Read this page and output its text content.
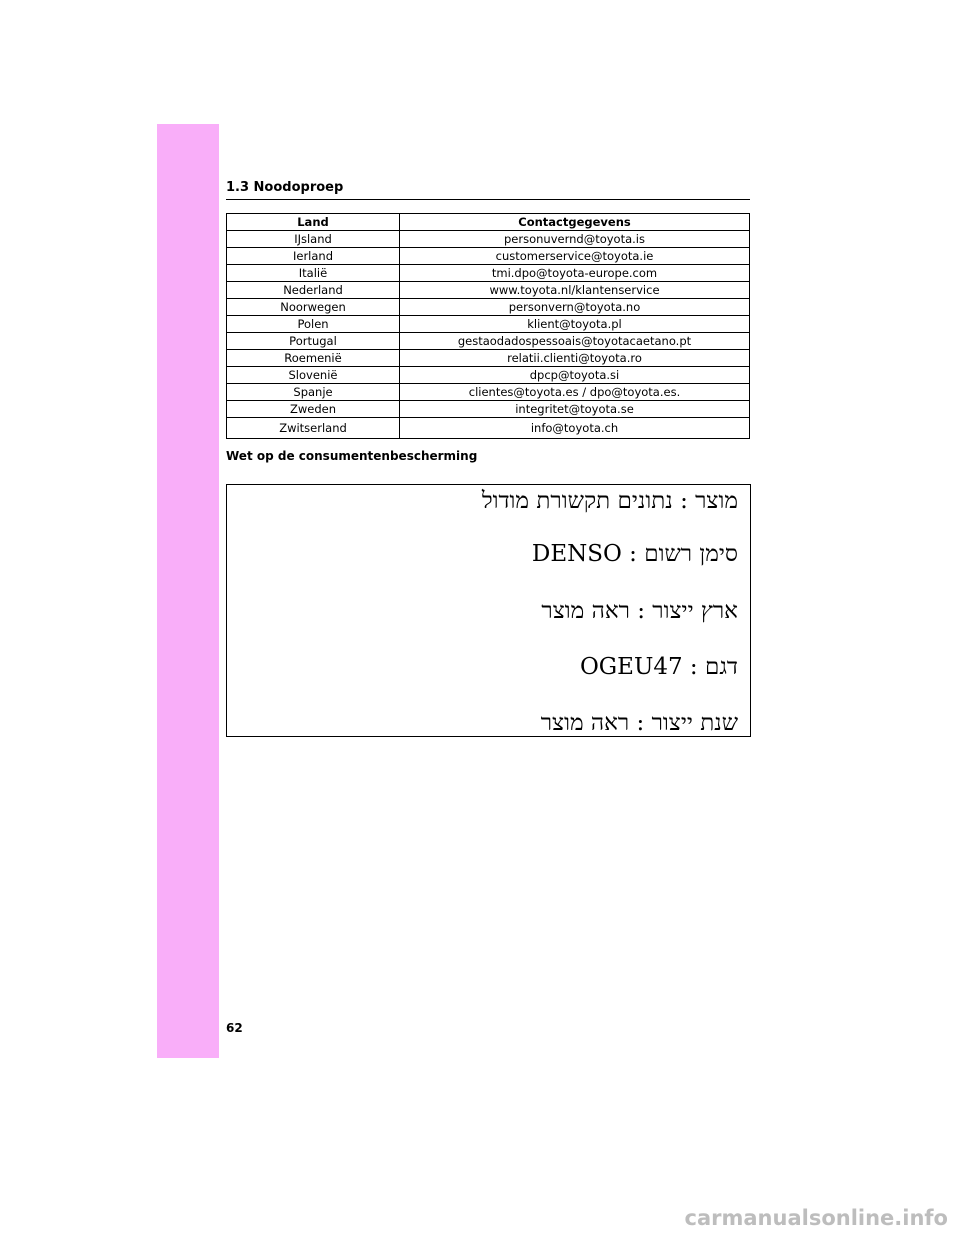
1.3 Noodoproep
Land	Contactgegevens
IJsland	personuvernd@toyota.is
Ierland	customerservice@toyota.ie
Italië	tmi.dpo@toyota-europe.com
Nederland	www.toyota.nl/klantenservice
Noorwegen	personvern@toyota.no
Polen	klient@toyota.pl
Portugal	gestaodadospessoais@toyotacaetano.pt
Roemenië	relatii.clienti@toyota.ro
Slovenië	dpcp@toyota.si
Spanje	clientes@toyota.es / dpo@toyota.es.
Zweden	integritet@toyota.se
Zwitserland	info@toyota.ch
Wet op de consumentenbescherming
מוצר : נתונים תקשורת מודול
סימן רשום : DENSO
ארץ ייצור : ראה מוצר
דגם : OGEU47
שנת ייצור : ראה מוצר
62
carmanualsonline.info
